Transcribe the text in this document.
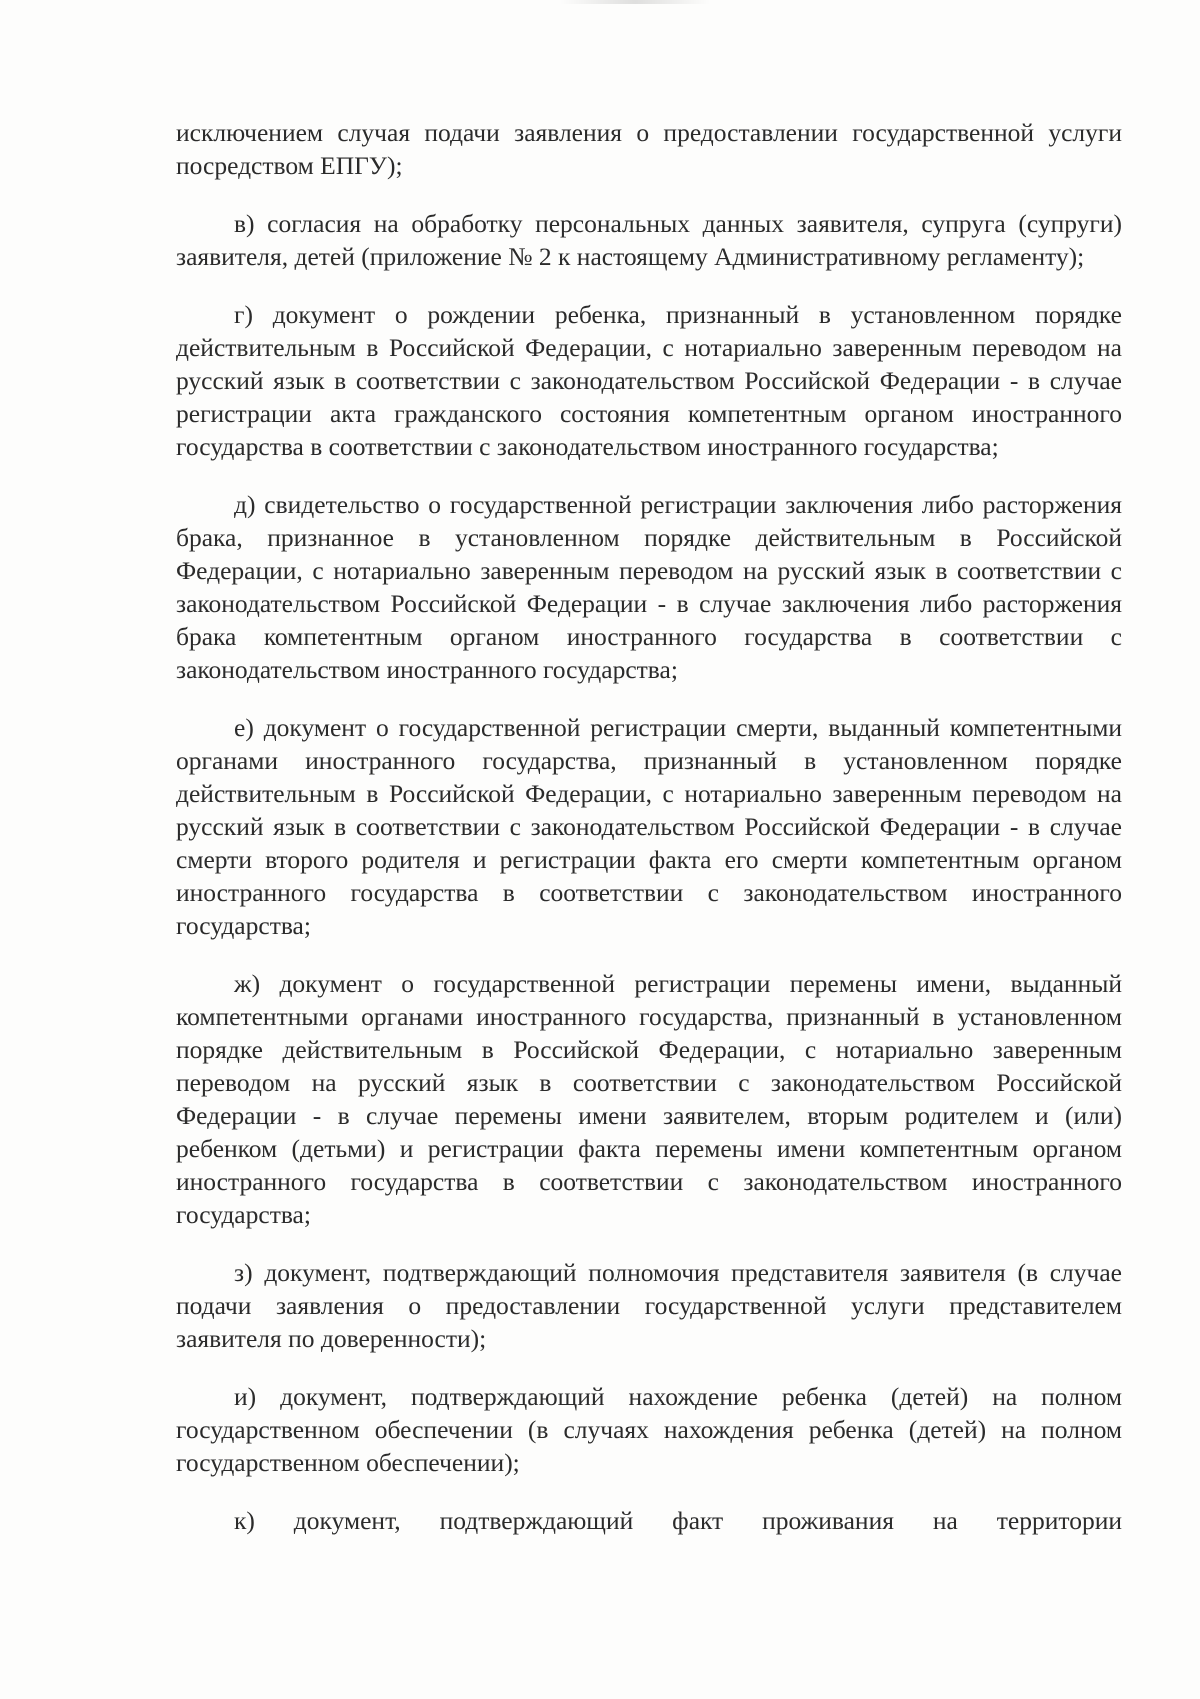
исключением случая подачи заявления о предоставлении государственной услуги посредством ЕПГУ);

в) согласия на обработку персональных данных заявителя, супруга (супруги) заявителя, детей (приложение № 2 к настоящему Административному регламенту);

г) документ о рождении ребенка, признанный в установленном порядке действительным в Российской Федерации, с нотариально заверенным переводом на русский язык в соответствии с законодательством Российской Федерации - в случае регистрации акта гражданского состояния компетентным органом иностранного государства в соответствии с законодательством иностранного государства;

д) свидетельство о государственной регистрации заключения либо расторжения брака, признанное в установленном порядке действительным в Российской Федерации, с нотариально заверенным переводом на русский язык в соответствии с законодательством Российской Федерации - в случае заключения либо расторжения брака компетентным органом иностранного государства в соответствии с законодательством иностранного государства;

е) документ о государственной регистрации смерти, выданный компетентными органами иностранного государства, признанный в установленном порядке действительным в Российской Федерации, с нотариально заверенным переводом на русский язык в соответствии с законодательством Российской Федерации - в случае смерти второго родителя и регистрации факта его смерти компетентным органом иностранного государства в соответствии с законодательством иностранного государства;

ж) документ о государственной регистрации перемены имени, выданный компетентными органами иностранного государства, признанный в установленном порядке действительным в Российской Федерации, с нотариально заверенным переводом на русский язык в соответствии с законодательством Российской Федерации - в случае перемены имени заявителем, вторым родителем и (или) ребенком (детьми) и регистрации факта перемены имени компетентным органом иностранного государства в соответствии с законодательством иностранного государства;

з) документ, подтверждающий полномочия представителя заявителя (в случае подачи заявления о предоставлении государственной услуги представителем заявителя по доверенности);

и) документ, подтверждающий нахождение ребенка (детей) на полном государственном обеспечении (в случаях нахождения ребенка (детей) на полном государственном обеспечении);

к) документ, подтверждающий факт проживания на территории
